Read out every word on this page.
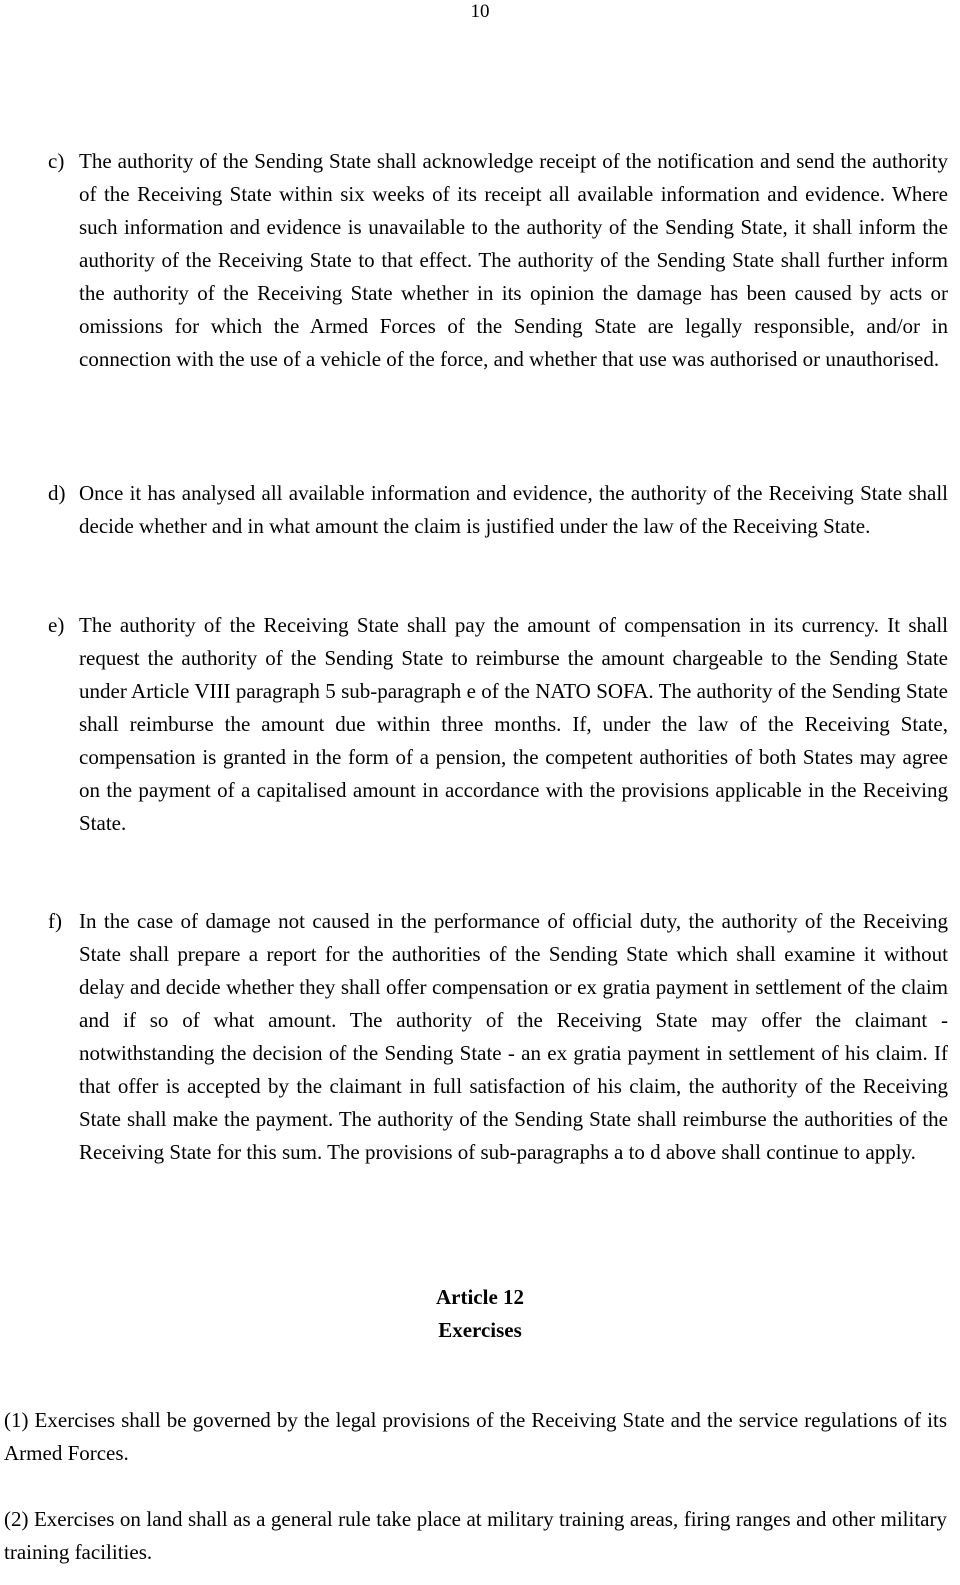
10
c) The authority of the Sending State shall acknowledge receipt of the notification and send the authority of the Receiving State within six weeks of its receipt all available information and evidence. Where such information and evidence is unavailable to the authority of the Sending State, it shall inform the authority of the Receiving State to that effect. The authority of the Sending State shall further inform the authority of the Receiving State whether in its opinion the damage has been caused by acts or omissions for which the Armed Forces of the Sending State are legally responsible, and/or in connection with the use of a vehicle of the force, and whether that use was authorised or unauthorised.
d) Once it has analysed all available information and evidence, the authority of the Receiving State shall decide whether and in what amount the claim is justified under the law of the Receiving State.
e) The authority of the Receiving State shall pay the amount of compensation in its currency. It shall request the authority of the Sending State to reimburse the amount chargeable to the Sending State under Article VIII paragraph 5 sub-paragraph e of the NATO SOFA. The authority of the Sending State shall reimburse the amount due within three months. If, under the law of the Receiving State, compensation is granted in the form of a pension, the competent authorities of both States may agree on the payment of a capitalised amount in accordance with the provisions applicable in the Receiving State.
f) In the case of damage not caused in the performance of official duty, the authority of the Receiving State shall prepare a report for the authorities of the Sending State which shall examine it without delay and decide whether they shall offer compensation or ex gratia payment in settlement of the claim and if so of what amount. The authority of the Receiving State may offer the claimant - notwithstanding the decision of the Sending State - an ex gratia payment in settlement of his claim. If that offer is accepted by the claimant in full satisfaction of his claim, the authority of the Receiving State shall make the payment. The authority of the Sending State shall reimburse the authorities of the Receiving State for this sum. The provisions of sub-paragraphs a to d above shall continue to apply.
Article 12
Exercises
(1) Exercises shall be governed by the legal provisions of the Receiving State and the service regulations of its Armed Forces.
(2) Exercises on land shall as a general rule take place at military training areas, firing ranges and other military training facilities.
